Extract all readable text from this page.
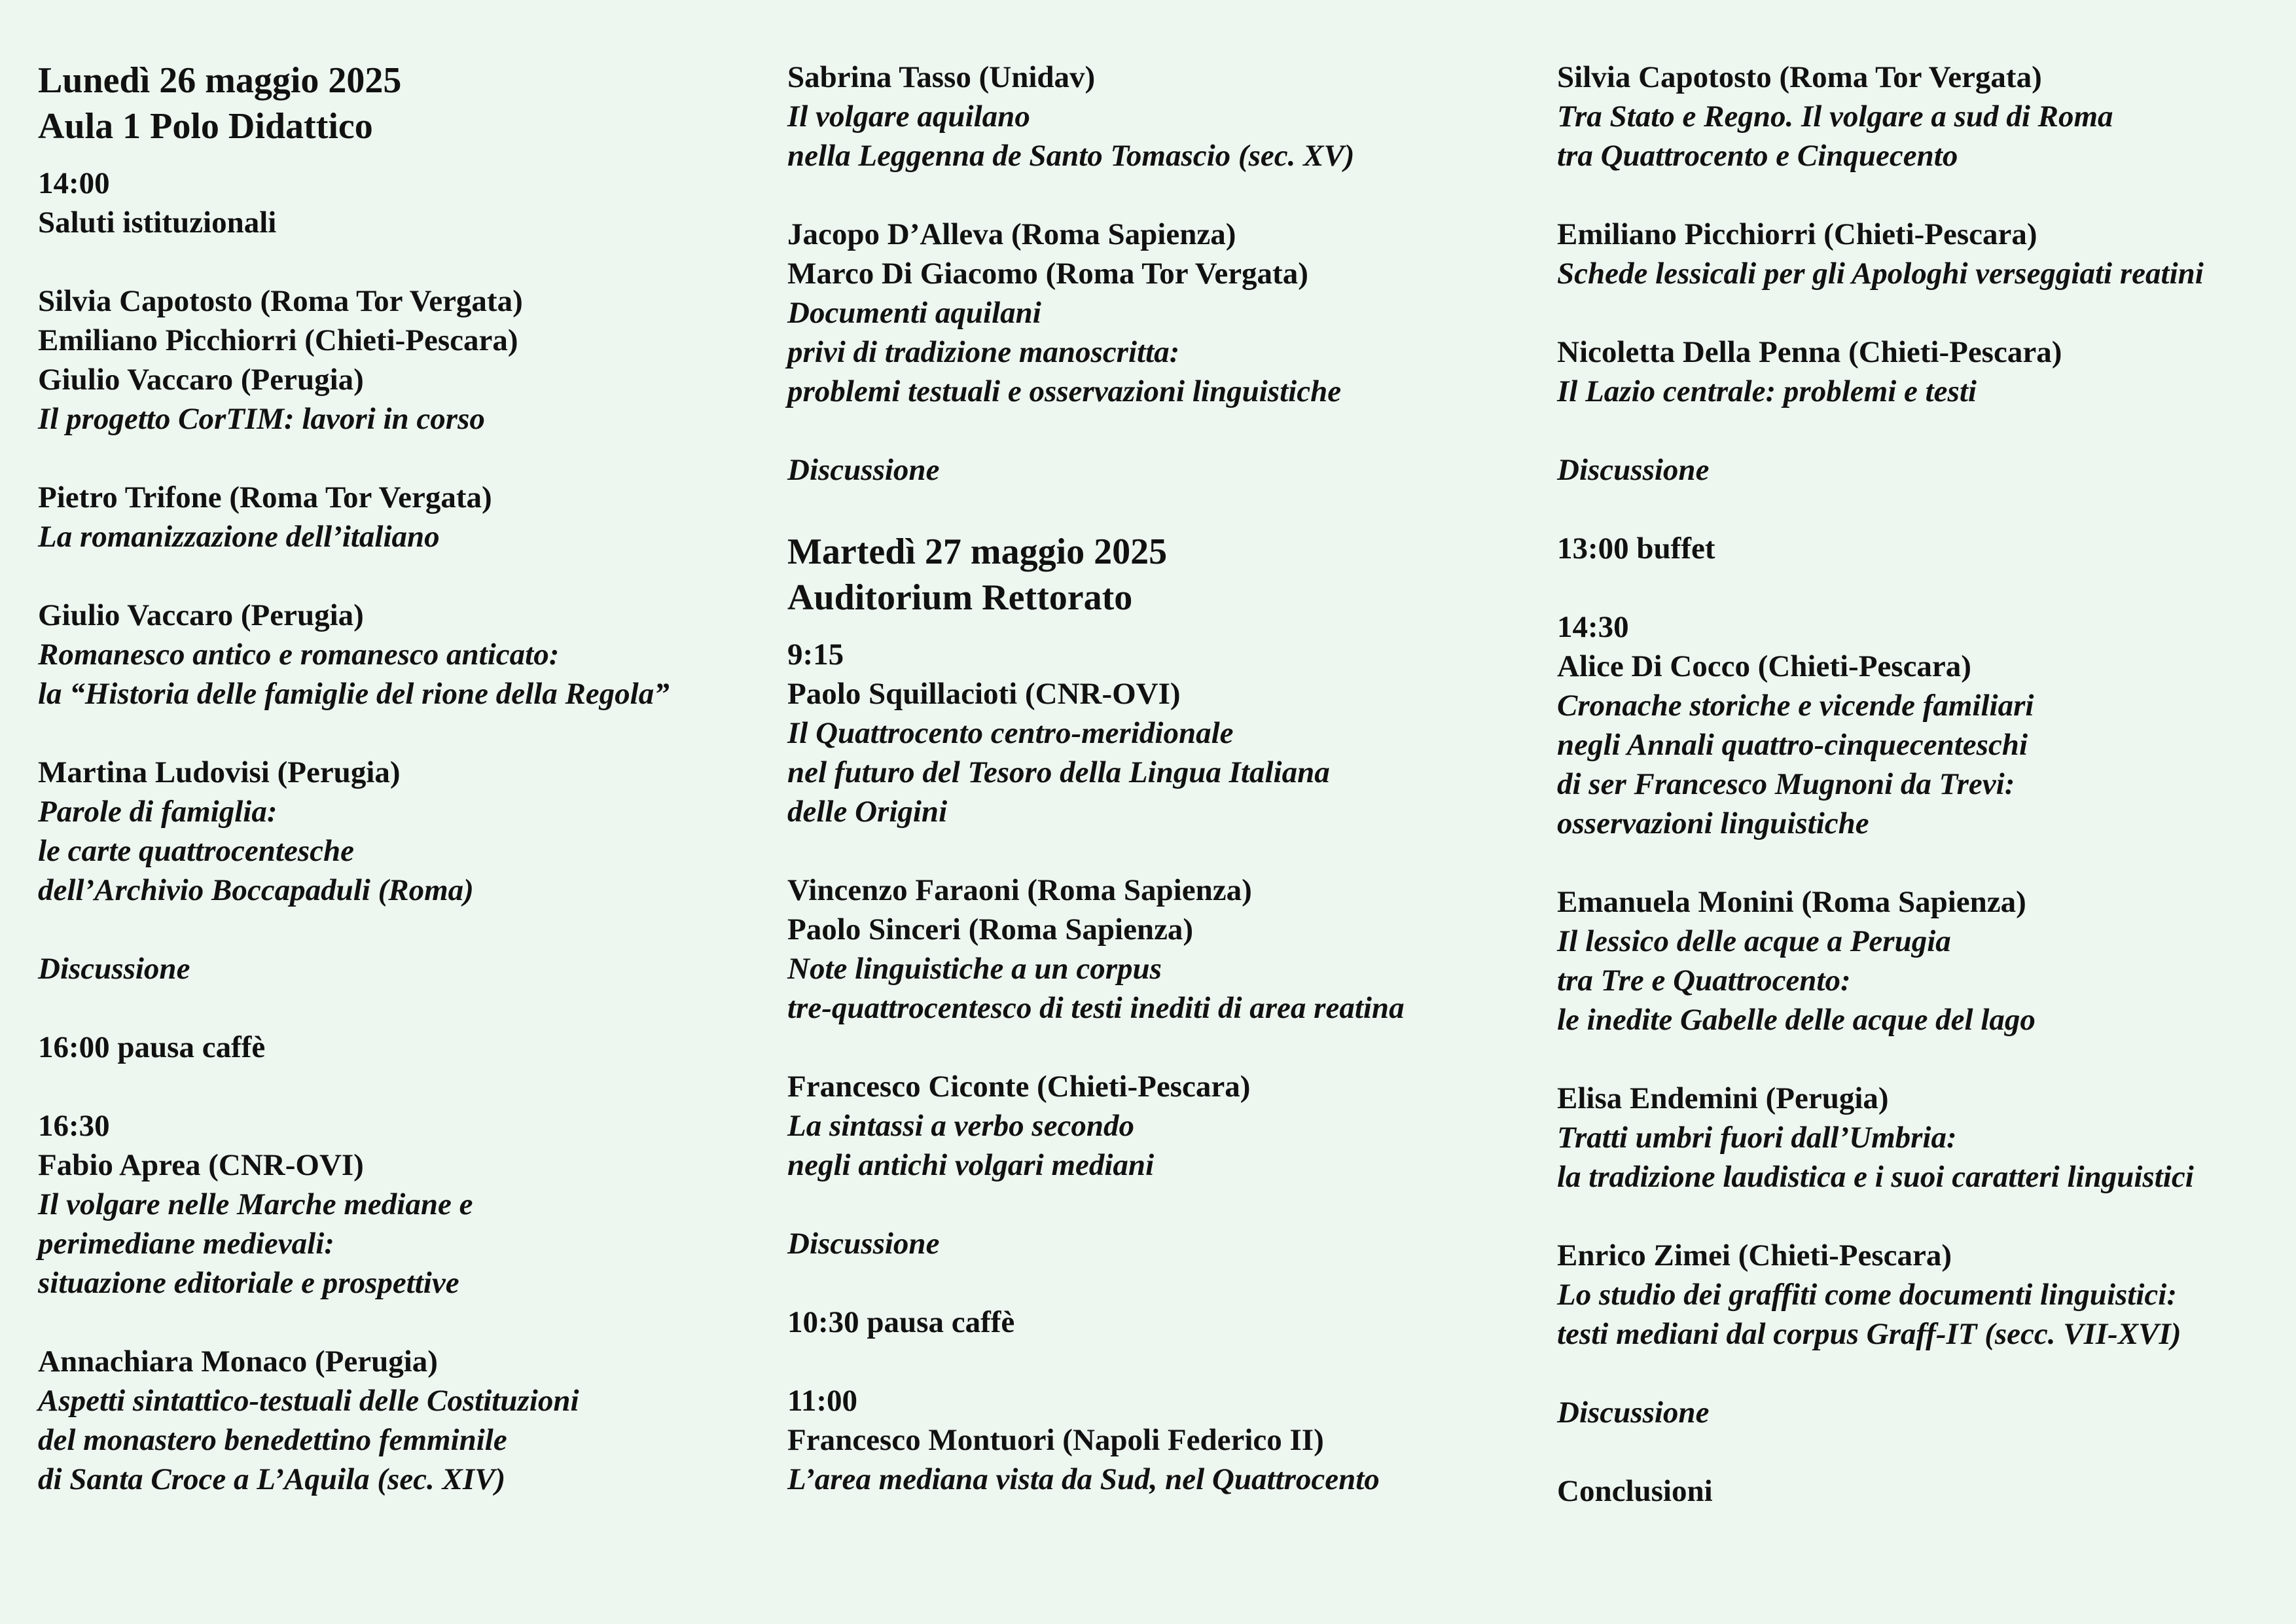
Lunedì 26 maggio 2025
Aula 1 Polo Didattico
14:00
Saluti istituzionali
Silvia Capotosto (Roma Tor Vergata)
Emiliano Picchiorri (Chieti-Pescara)
Giulio Vaccaro (Perugia)
Il progetto CorTIM: lavori in corso
Pietro Trifone (Roma Tor Vergata)
La romanizzazione dell’italiano
Giulio Vaccaro (Perugia)
Romanesco antico e romanesco anticato:
la “Historia delle famiglie del rione della Regola”
Martina Ludovisi (Perugia)
Parole di famiglia:
le carte quattrocentesche
dell’Archivio Boccapaduli (Roma)
Discussione
16:00 pausa caffè
16:30
Fabio Aprea (CNR-OVI)
Il volgare nelle Marche mediane e
perimediane medievali:
situazione editoriale e prospettive
Annachiara Monaco (Perugia)
Aspetti sintattico-testuali delle Costituzioni
del monastero benedettino femminile
di Santa Croce a L’Aquila (sec. XIV)
Sabrina Tasso (Unidav)
Il volgare aquilano
nella Leggenna de Santo Tomascio (sec. XV)
Jacopo D’Alleva (Roma Sapienza)
Marco Di Giacomo (Roma Tor Vergata)
Documenti aquilani
privi di tradizione manoscritta:
problemi testuali e osservazioni linguistiche
Discussione
Martedì 27 maggio 2025
Auditorium Rettorato
9:15
Paolo Squillacioti (CNR-OVI)
Il Quattrocento centro-meridionale
nel futuro del Tesoro della Lingua Italiana
delle Origini
Vincenzo Faraoni (Roma Sapienza)
Paolo Sinceri (Roma Sapienza)
Note linguistiche a un corpus
tre-quattrocentesco di testi inediti di area reatina
Francesco Ciconte (Chieti-Pescara)
La sintassi a verbo secondo
negli antichi volgari mediani
Discussione
10:30 pausa caffè
11:00
Francesco Montuori (Napoli Federico II)
L’area mediana vista da Sud, nel Quattrocento
Silvia Capotosto (Roma Tor Vergata)
Tra Stato e Regno. Il volgare a sud di Roma
tra Quattrocento e Cinquecento
Emiliano Picchiorri (Chieti-Pescara)
Schede lessicali per gli Apologhi verseggiati reatini
Nicoletta Della Penna (Chieti-Pescara)
Il Lazio centrale: problemi e testi
Discussione
13:00 buffet
14:30
Alice Di Cocco (Chieti-Pescara)
Cronache storiche e vicende familiari
negli Annali quattro-cinquecenteschi
di ser Francesco Mugnoni da Trevi:
osservazioni linguistiche
Emanuela Monini (Roma Sapienza)
Il lessico delle acque a Perugia
tra Tre e Quattrocento:
le inedite Gabelle delle acque del lago
Elisa Endemini (Perugia)
Tratti umbri fuori dall’Umbria:
la tradizione laudistica e i suoi caratteri linguistici
Enrico Zimei (Chieti-Pescara)
Lo studio dei graffiti come documenti linguistici:
testi mediani dal corpus Graff-IT (secc. VII-XVI)
Discussione
Conclusioni
